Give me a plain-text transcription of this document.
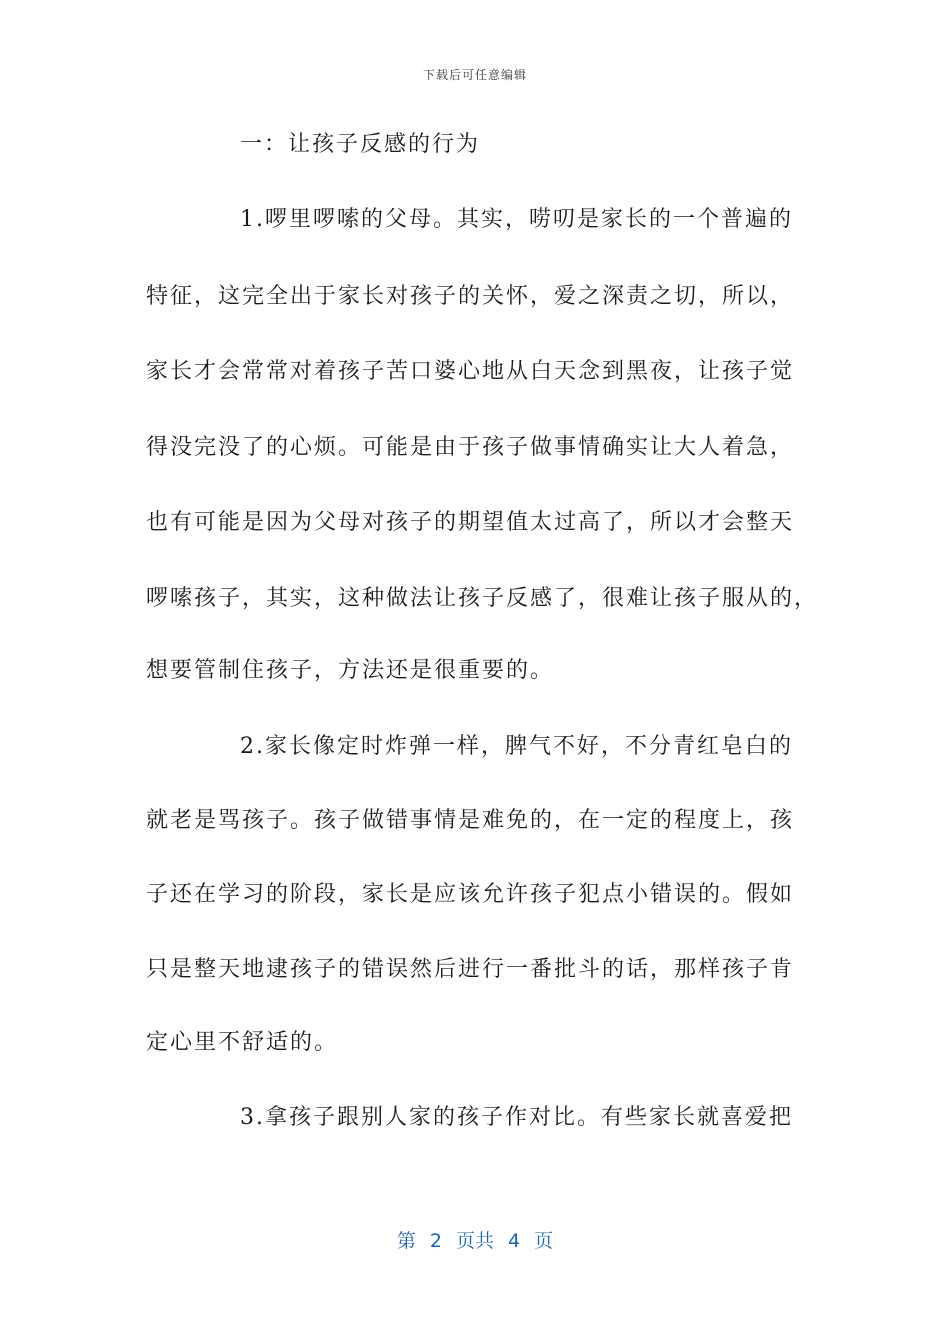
下载后可任意编辑
一：让孩子反感的行为
1.啰里啰嗦的父母。其实，唠叨是家长的一个普遍的
特征，这完全出于家长对孩子的关怀，爱之深责之切，所以，
家长才会常常对着孩子苦口婆心地从白天念到黑夜，让孩子觉
得没完没了的心烦。可能是由于孩子做事情确实让大人着急，
也有可能是因为父母对孩子的期望值太过高了，所以才会整天
啰嗦孩子，其实，这种做法让孩子反感了，很难让孩子服从的，
想要管制住孩子，方法还是很重要的。
2.家长像定时炸弹一样，脾气不好，不分青红皂白的
就老是骂孩子。孩子做错事情是难免的，在一定的程度上，孩
子还在学习的阶段，家长是应该允许孩子犯点小错误的。假如
只是整天地逮孩子的错误然后进行一番批斗的话，那样孩子肯
定心里不舒适的。
3.拿孩子跟别人家的孩子作对比。有些家长就喜爱把
第 2 页共 4 页
